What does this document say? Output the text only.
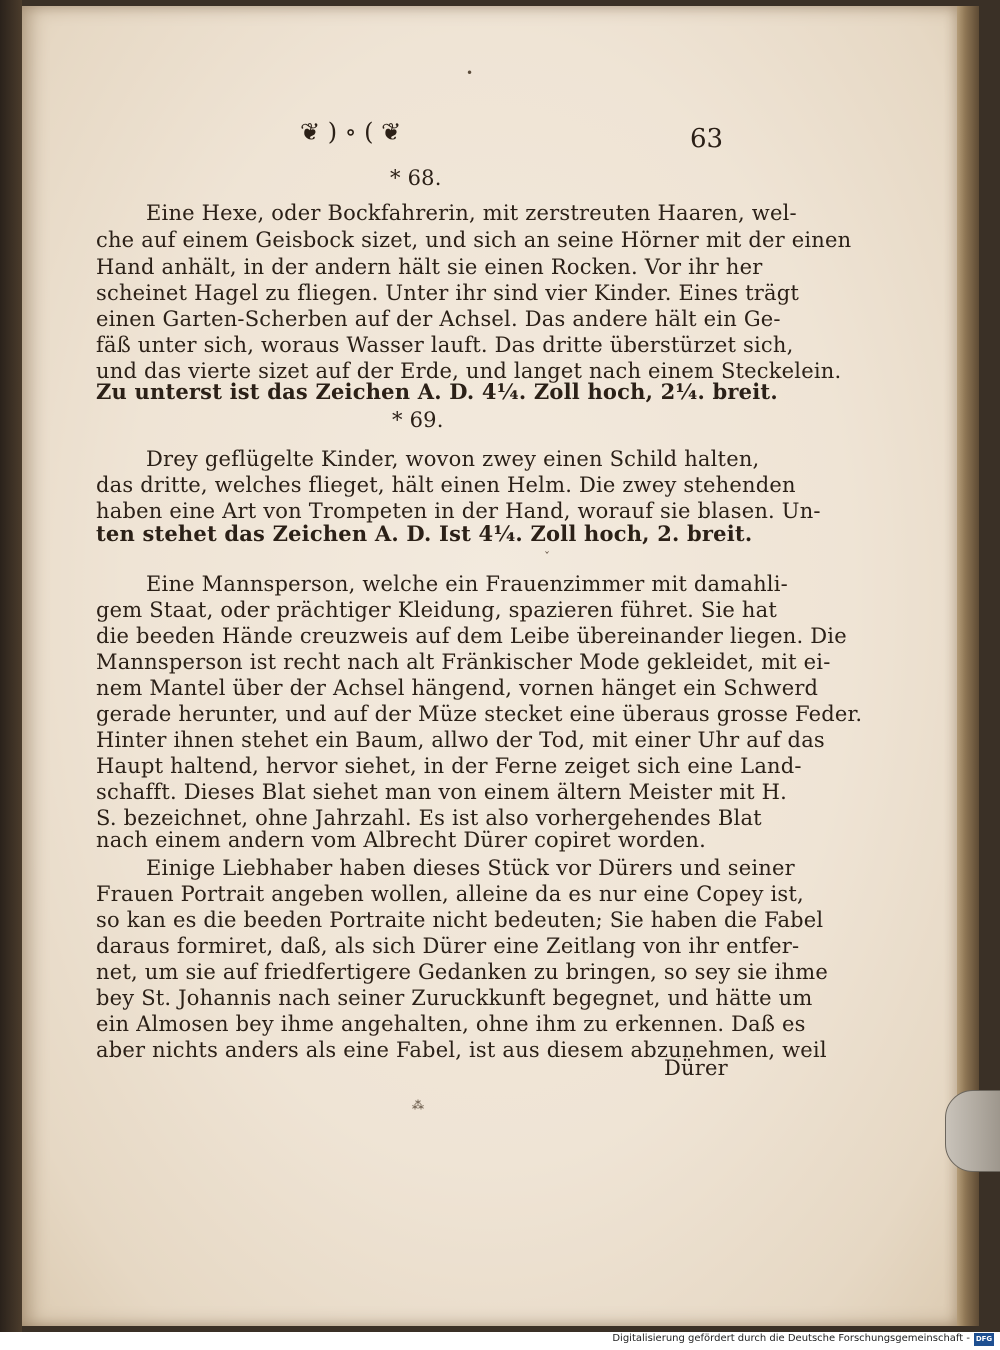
•
❦ ) ∘ ( ❦	63
* 68.
Eine Hexe, oder Bockfahrerin, mit zerstreuten Haaren, wel-
che auf einem Geisbock sizet, und sich an seine Hörner mit der einen
Hand anhält, in der andern hält sie einen Rocken. Vor ihr her
scheinet Hagel zu fliegen. Unter ihr sind vier Kinder. Eines trägt
einen Garten-Scherben auf der Achsel. Das andere hält ein Ge-
fäß unter sich, woraus Wasser lauft. Das dritte überstürzet sich,
und das vierte sizet auf der Erde, und langet nach einem Steckelein.
Zu unterst ist das Zeichen A. D. 4¼. Zoll hoch, 2¼. breit.
* 69.
Drey geflügelte Kinder, wovon zwey einen Schild halten,
das dritte, welches flieget, hält einen Helm. Die zwey stehenden
haben eine Art von Trompeten in der Hand, worauf sie blasen. Un-
ten stehet das Zeichen A. D. Ist 4¼. Zoll hoch, 2. breit.
ˇ
Eine Mannsperson, welche ein Frauenzimmer mit damahli-
gem Staat, oder prächtiger Kleidung, spazieren führet. Sie hat
die beeden Hände creuzweis auf dem Leibe übereinander liegen. Die
Mannsperson ist recht nach alt Fränkischer Mode gekleidet, mit ei-
nem Mantel über der Achsel hängend, vornen hänget ein Schwerd
gerade herunter, und auf der Müze stecket eine überaus grosse Feder.
Hinter ihnen stehet ein Baum, allwo der Tod, mit einer Uhr auf das
Haupt haltend, hervor siehet, in der Ferne zeiget sich eine Land-
schafft. Dieses Blat siehet man von einem ältern Meister mit H.
S. bezeichnet, ohne Jahrzahl. Es ist also vorhergehendes Blat
nach einem andern vom Albrecht Dürer copiret worden.
Einige Liebhaber haben dieses Stück vor Dürers und seiner
Frauen Portrait angeben wollen, alleine da es nur eine Copey ist,
so kan es die beeden Portraite nicht bedeuten; Sie haben die Fabel
daraus formiret, daß, als sich Dürer eine Zeitlang von ihr entfer-
net, um sie auf friedfertigere Gedanken zu bringen, so sey sie ihme
bey St. Johannis nach seiner Zuruckkunft begegnet, und hätte um
ein Almosen bey ihme angehalten, ohne ihm zu erkennen. Daß es
aber nichts anders als eine Fabel, ist aus diesem abzunehmen, weil
Dürer
⁂
Digitalisierung gefördert durch die Deutsche Forschungsgemeinschaft - DFG
